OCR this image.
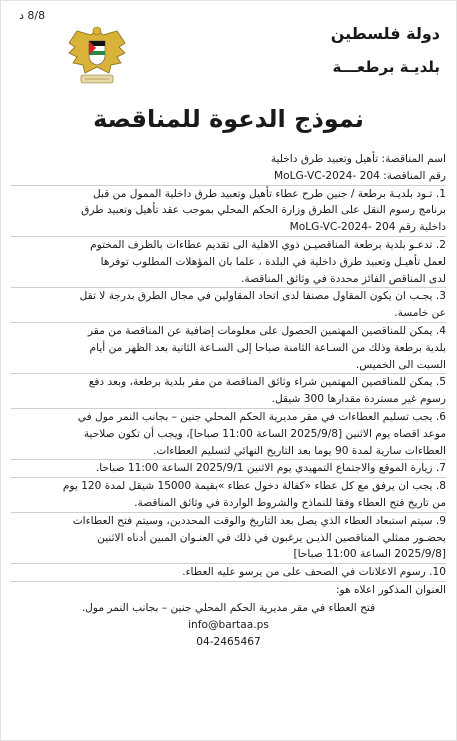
8/8 د
دولة فلسطين
بلديـة برطعـــة
نموذج الدعوة للمناقصة

اسم المناقصة: تأهيل وتعبيد طرق داخلية

رقم المناقصة: MoLG-VC-2024- 204

1. تـود بلديـة برطعة / جنين طرح عطاء تأهيل وتعبيد طرق داخلية الممول من قبل

برنامج رسوم النقل على الطرق وزارة الحكم المحلي بموجب عقد تأهيل وتعبيد طرق

داخلية رقم MoLG-VC-2024- 204

2. تدعـو بلدية برطعة المناقصيـن ذوي الاهلية الى تقديم عطاءات بالظرف المختوم

لعمل تأهيـل وتعبيد طرق داخلية في البلدة ، علما بان المؤهلات المطلوب توفرها

لدى المناقص الفائز محددة في وثائق المناقصة.

3. يجـب ان يكون المقاول مصنفا لدى اتحاد المقاولين في مجال الطرق بدرجة لا تقل

عن خامسة.

4. يمكن للمناقصين المهتمين الحصول على معلومات إضافية عن المناقصة من مقر

بلدية برطعة وذلك من السـاعة الثامنة صباحا إلى السـاعة الثانية بعد الظهر من أيام

السبت الى الخميس.

5. يمكن للمناقصين المهتمين شراء وثائق المناقصة من مقر بلدية برطعة، وبعد دفع

رسوم غير مستردة مقدارها 300 شيقل.

6. يجب تسليم العطاءات في مقر مديرية الحكم المحلي جنين – بجانب النمر مول في

موعد اقصاه يوم الاثنين [2025/9/8 الساعة 11:00 صباحا]، ويجب أن تكون صلاحية

العطاءات سارية لمدة 90 يوما بعد التاريخ النهائي لتسليم العطاءات.

7. زيارة الموقع والاجتماع التمهيدي يوم الاثنين 2025/9/1 الساعة 11:00 صباحا.

8. يجب ان يرفق مع كل عطاء «كفالة دخول عطاء »بقيمة 15000 شيقل لمدة 120 يوم

من تاريخ فتح العطاء وفقا للنماذج والشروط الواردة في وثائق المناقصة.

9. سيتم استبعاد العطاء الذي يصل بعد التاريخ والوقت المحددين، وسيتم فتح العطاءات

بحضـور ممثلي المناقصين الذيـن يرغبون في ذلك في العنـوان المبين أدناه الاثنين

[2025/9/8 الساعة 11:00 صباحا]

10. رسوم الاعلانات في الصحف على من يرسو عليه العطاء.

العنوان المذكور اعلاه هو:

فتح العطاء في مقر مديرية الحكم المحلي جنين – بجانب النمر مول.
info@bartaa.ps
04-2465467
